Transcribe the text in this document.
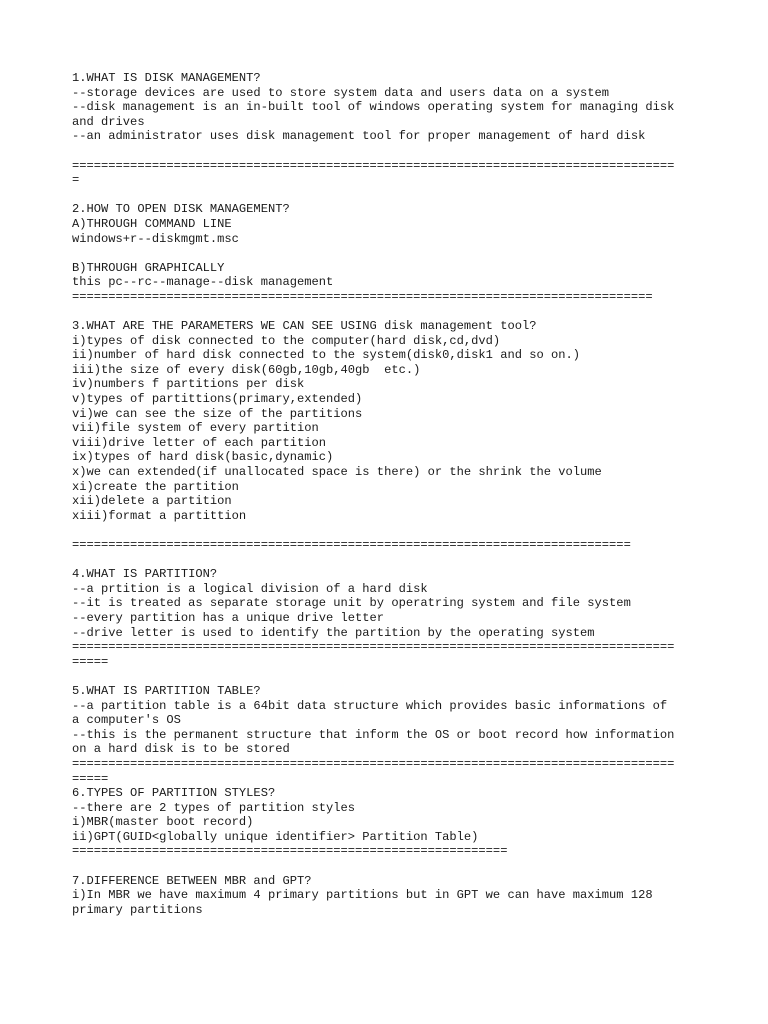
1.WHAT IS DISK MANAGEMENT?
--storage devices are used to store system data and users data on a system
--disk management is an in-built tool of windows operating system for managing disk
and drives
--an administrator uses disk management tool for proper management of hard disk
===================================================================================
=
2.HOW TO OPEN DISK MANAGEMENT?
A)THROUGH COMMAND LINE
windows+r--diskmgmt.msc
B)THROUGH GRAPHICALLY
this pc--rc--manage--disk management
================================================================================
3.WHAT ARE THE PARAMETERS WE CAN SEE USING disk management tool?
i)types of disk connected to the computer(hard disk,cd,dvd)
ii)number of hard disk connected to the system(disk0,disk1 and so on.)
iii)the size of every disk(60gb,10gb,40gb  etc.)
iv)numbers f partitions per disk
v)types of partittions(primary,extended)
vi)we can see the size of the partitions
vii)file system of every partition
viii)drive letter of each partition
ix)types of hard disk(basic,dynamic)
x)we can extended(if unallocated space is there) or the shrink the volume
xi)create the partition
xii)delete a partition
xiii)format a partittion
=============================================================================
4.WHAT IS PARTITION?
--a prtition is a logical division of a hard disk
--it is treated as separate storage unit by operatring system and file system
--every partition has a unique drive letter
--drive letter is used to identify the partition by the operating system
===================================================================================
=====
5.WHAT IS PARTITION TABLE?
--a partition table is a 64bit data structure which provides basic informations of
a computer's OS
--this is the permanent structure that inform the OS or boot record how information
on a hard disk is to be stored
===================================================================================
=====
6.TYPES OF PARTITION STYLES?
--there are 2 types of partition styles
i)MBR(master boot record)
ii)GPT(GUID<globally unique identifier> Partition Table)
============================================================
7.DIFFERENCE BETWEEN MBR and GPT?
i)In MBR we have maximum 4 primary partitions but in GPT we can have maximum 128
primary partitions
